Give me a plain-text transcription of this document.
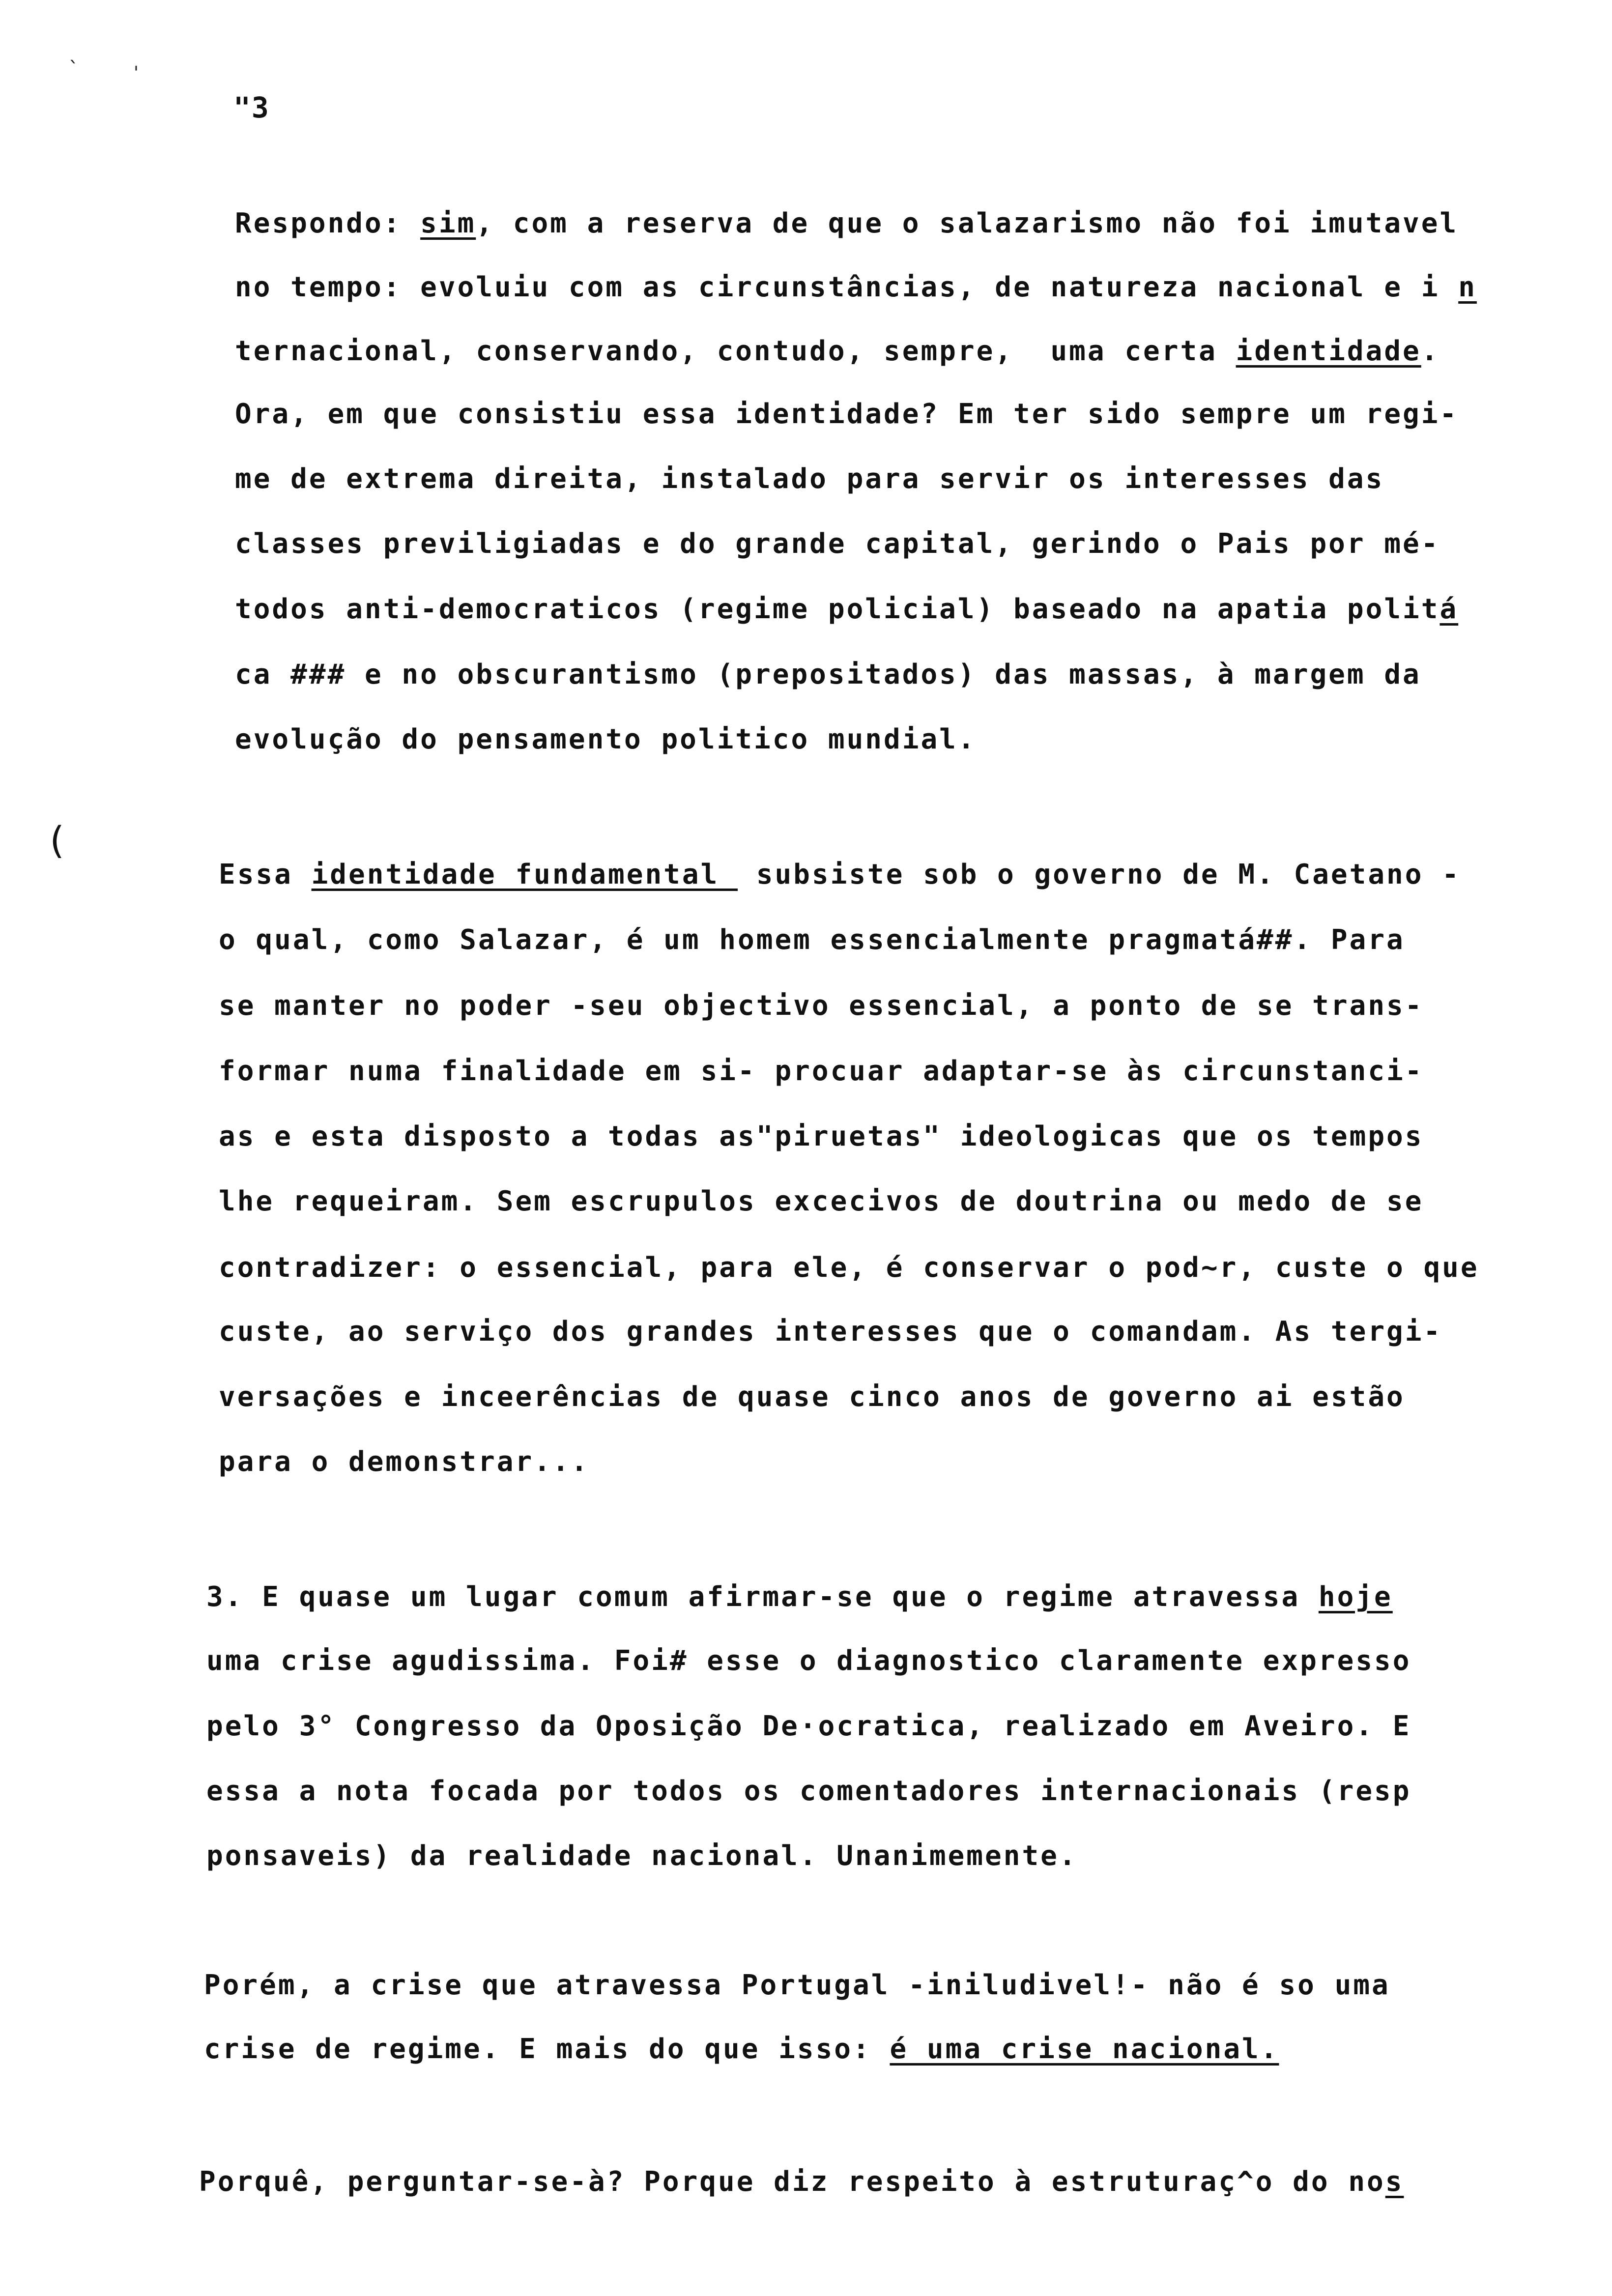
`	'
"3
(
Respondo: sim, com a reserva de que o salazarismo não foi imutavel
no tempo: evoluiu com as circunstâncias, de natureza nacional e i n
ternacional, conservando, contudo, sempre,  uma certa identidade.
Ora, em que consistiu essa identidade? Em ter sido sempre um regi-
me de extrema direita, instalado para servir os interesses das
classes previligiadas e do grande capital, gerindo o Pais por mé-
todos anti-democraticos (regime policial) baseado na apatia politá
ca ### e no obscurantismo (prepositados) das massas, à margem da
evolução do pensamento politico mundial.
Essa identidade fundamental  subsiste sob o governo de M. Caetano -
o qual, como Salazar, é um homem essencialmente pragmatá##. Para
se manter no poder -seu objectivo essencial, a ponto de se trans-
formar numa finalidade em si- procuar adaptar-se às circunstanci-
as e esta disposto a todas as"piruetas" ideologicas que os tempos
lhe requeiram. Sem escrupulos excecivos de doutrina ou medo de se
contradizer: o essencial, para ele, é conservar o pod~r, custe o que
custe, ao serviço dos grandes interesses que o comandam. As tergi-
versações e inceerências de quase cinco anos de governo ai estão
para o demonstrar...
3. E quase um lugar comum afirmar-se que o regime atravessa hoje
uma crise agudissima. Foi# esse o diagnostico claramente expresso
pelo 3° Congresso da Oposição De·ocratica, realizado em Aveiro. E
essa a nota focada por todos os comentadores internacionais (resp
ponsaveis) da realidade nacional. Unanimemente.
Porém, a crise que atravessa Portugal -iniludivel!- não é so uma
crise de regime. E mais do que isso: é uma crise nacional.
Porquê, perguntar-se-à? Porque diz respeito à estruturaç^o do nos
